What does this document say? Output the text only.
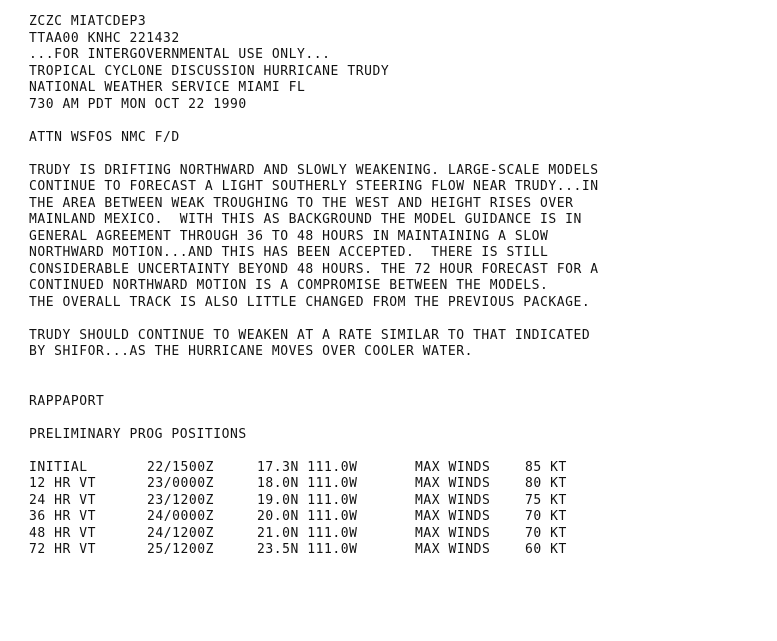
ZCZC MIATCDEP3
TTAA00 KNHC 221432
...FOR INTERGOVERNMENTAL USE ONLY...
TROPICAL CYCLONE DISCUSSION HURRICANE TRUDY
NATIONAL WEATHER SERVICE MIAMI FL
730 AM PDT MON OCT 22 1990
ATTN WSFOS NMC F/D
TRUDY IS DRIFTING NORTHWARD AND SLOWLY WEAKENING. LARGE-SCALE MODELS
CONTINUE TO FORECAST A LIGHT SOUTHERLY STEERING FLOW NEAR TRUDY...IN
THE AREA BETWEEN WEAK TROUGHING TO THE WEST AND HEIGHT RISES OVER
MAINLAND MEXICO.  WITH THIS AS BACKGROUND THE MODEL GUIDANCE IS IN
GENERAL AGREEMENT THROUGH 36 TO 48 HOURS IN MAINTAINING A SLOW
NORTHWARD MOTION...AND THIS HAS BEEN ACCEPTED.  THERE IS STILL
CONSIDERABLE UNCERTAINTY BEYOND 48 HOURS. THE 72 HOUR FORECAST FOR A
CONTINUED NORTHWARD MOTION IS A COMPROMISE BETWEEN THE MODELS.
THE OVERALL TRACK IS ALSO LITTLE CHANGED FROM THE PREVIOUS PACKAGE.
TRUDY SHOULD CONTINUE TO WEAKEN AT A RATE SIMILAR TO THAT INDICATED
BY SHIFOR...AS THE HURRICANE MOVES OVER COOLER WATER.
RAPPAPORT
PRELIMINARY PROG POSITIONS
INITIAL	22/1500Z	17.3N 111.0W	MAX WINDS	85 KT
12 HR VT	23/0000Z	18.0N 111.0W	MAX WINDS	80 KT
24 HR VT	23/1200Z	19.0N 111.0W	MAX WINDS	75 KT
36 HR VT	24/0000Z	20.0N 111.0W	MAX WINDS	70 KT
48 HR VT	24/1200Z	21.0N 111.0W	MAX WINDS	70 KT
72 HR VT	25/1200Z	23.5N 111.0W	MAX WINDS	60 KT
